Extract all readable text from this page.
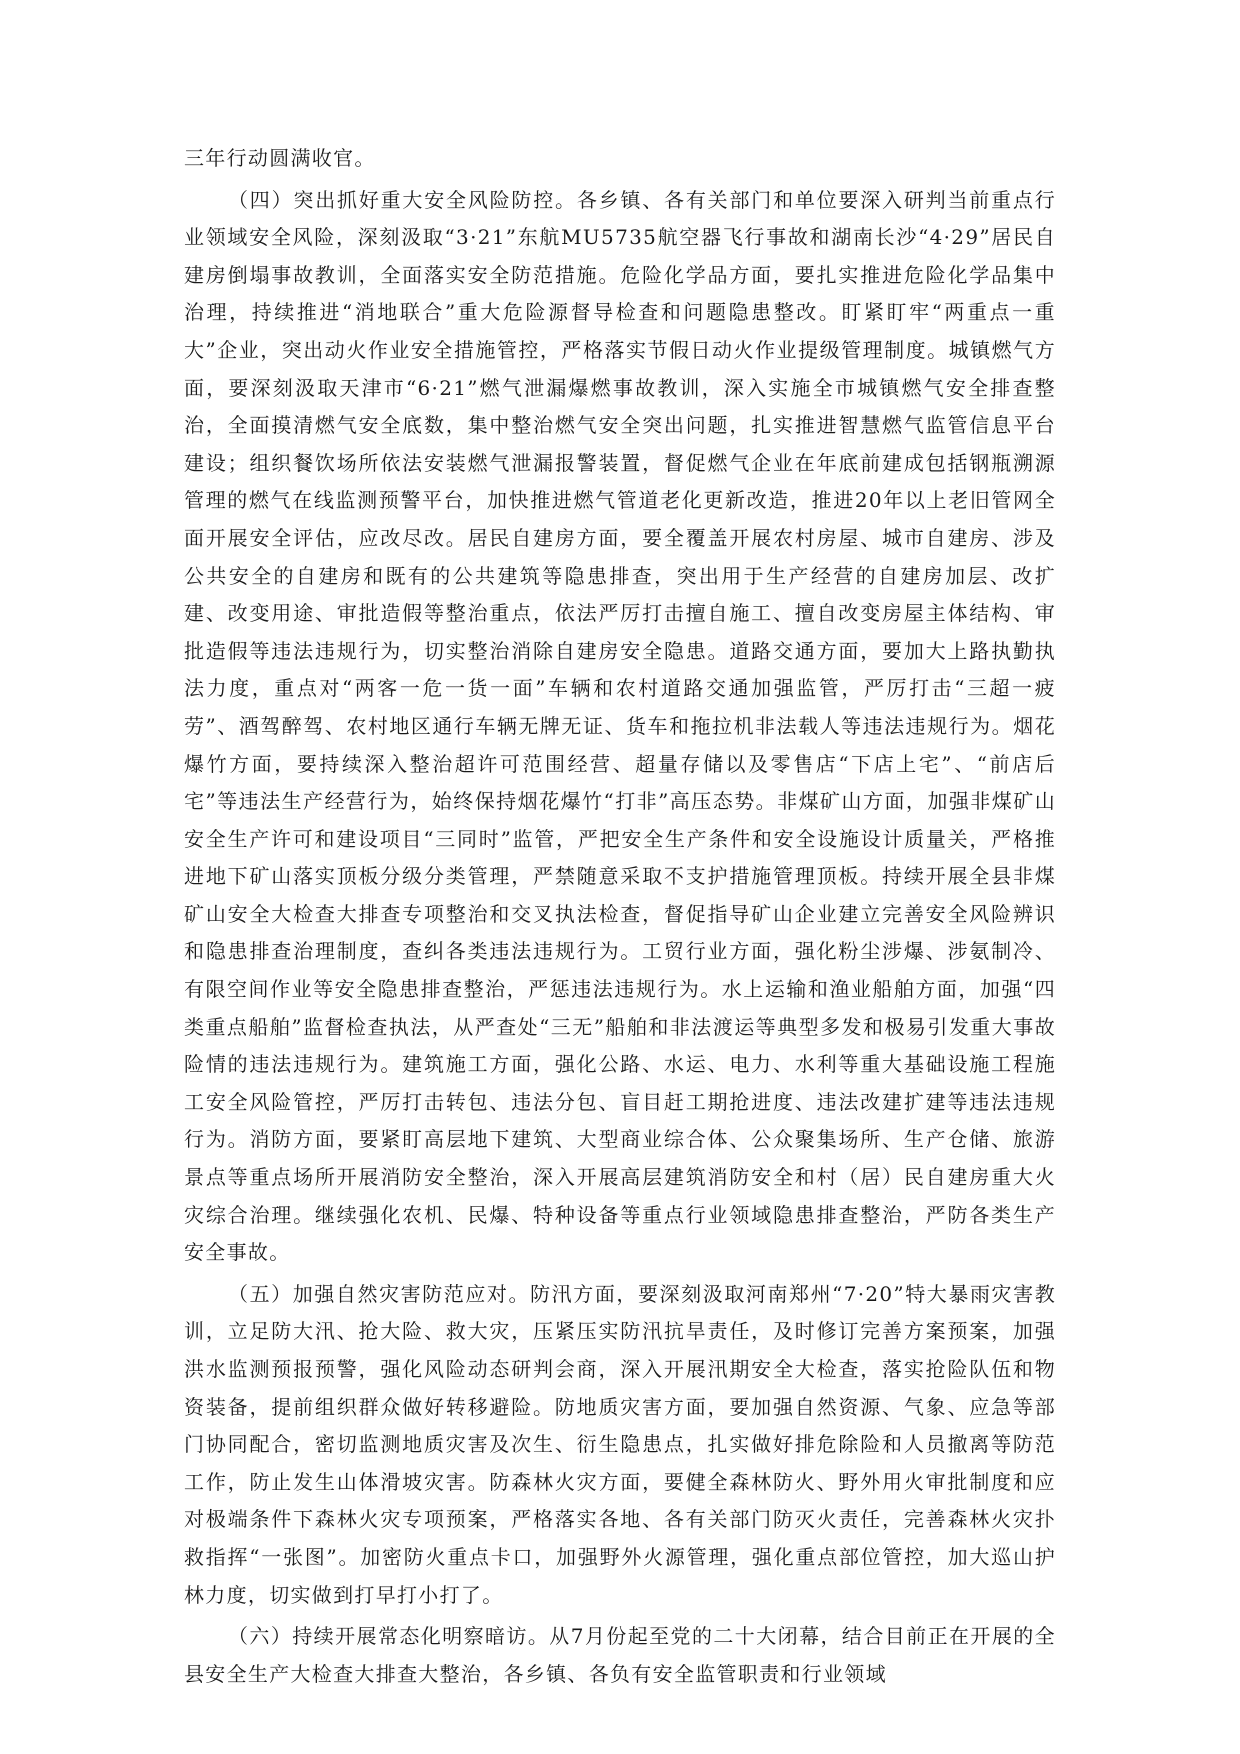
三年行动圆满收官。

（四）突出抓好重大安全风险防控。各乡镇、各有关部门和单位要深入研判当前重点行业领域安全风险，深刻汲取“3·21”东航MU5735航空器飞行事故和湖南长沙“4·29”居民自建房倒塌事故教训，全面落实安全防范措施。危险化学品方面，要扎实推进危险化学品集中治理，持续推进“消地联合”重大危险源督导检查和问题隐患整改。盯紧盯牢“两重点一重大”企业，突出动火作业安全措施管控，严格落实节假日动火作业提级管理制度。城镇燃气方面，要深刻汲取天津市“6·21”燃气泄漏爆燃事故教训，深入实施全市城镇燃气安全排查整治，全面摸清燃气安全底数，集中整治燃气安全突出问题，扎实推进智慧燃气监管信息平台建设；组织餐饮场所依法安装燃气泄漏报警装置，督促燃气企业在年底前建成包括钢瓶溯源管理的燃气在线监测预警平台，加快推进燃气管道老化更新改造，推进20年以上老旧管网全面开展安全评估，应改尽改。居民自建房方面，要全覆盖开展农村房屋、城市自建房、涉及公共安全的自建房和既有的公共建筑等隐患排查，突出用于生产经营的自建房加层、改扩建、改变用途、审批造假等整治重点，依法严厉打击擅自施工、擅自改变房屋主体结构、审批造假等违法违规行为，切实整治消除自建房安全隐患。道路交通方面，要加大上路执勤执法力度，重点对“两客一危一货一面”车辆和农村道路交通加强监管，严厉打击“三超一疲劳”、酒驾醉驾、农村地区通行车辆无牌无证、货车和拖拉机非法载人等违法违规行为。烟花爆竹方面，要持续深入整治超许可范围经营、超量存储以及零售店“下店上宅”、“前店后宅”等违法生产经营行为，始终保持烟花爆竹“打非”高压态势。非煤矿山方面，加强非煤矿山安全生产许可和建设项目“三同时”监管，严把安全生产条件和安全设施设计质量关，严格推进地下矿山落实顶板分级分类管理，严禁随意采取不支护措施管理顶板。持续开展全县非煤矿山安全大检查大排查专项整治和交叉执法检查，督促指导矿山企业建立完善安全风险辨识和隐患排查治理制度，查纠各类违法违规行为。工贸行业方面，强化粉尘涉爆、涉氨制冷、有限空间作业等安全隐患排查整治，严惩违法违规行为。水上运输和渔业船舶方面，加强“四类重点船舶”监督检查执法，从严查处“三无”船舶和非法渡运等典型多发和极易引发重大事故险情的违法违规行为。建筑施工方面，强化公路、水运、电力、水利等重大基础设施工程施工安全风险管控，严厉打击转包、违法分包、盲目赶工期抢进度、违法改建扩建等违法违规行为。消防方面，要紧盯高层地下建筑、大型商业综合体、公众聚集场所、生产仓储、旅游景点等重点场所开展消防安全整治，深入开展高层建筑消防安全和村（居）民自建房重大火灾综合治理。继续强化农机、民爆、特种设备等重点行业领域隐患排查整治，严防各类生产安全事故。

（五）加强自然灾害防范应对。防汛方面，要深刻汲取河南郑州“7·20”特大暴雨灾害教训，立足防大汛、抢大险、救大灾，压紧压实防汛抗旱责任，及时修订完善方案预案，加强洪水监测预报预警，强化风险动态研判会商，深入开展汛期安全大检查，落实抢险队伍和物资装备，提前组织群众做好转移避险。防地质灾害方面，要加强自然资源、气象、应急等部门协同配合，密切监测地质灾害及次生、衍生隐患点，扎实做好排危除险和人员撤离等防范工作，防止发生山体滑坡灾害。防森林火灾方面，要健全森林防火、野外用火审批制度和应对极端条件下森林火灾专项预案，严格落实各地、各有关部门防灭火责任，完善森林火灾扑救指挥“一张图”。加密防火重点卡口，加强野外火源管理，强化重点部位管控，加大巡山护林力度，切实做到打早打小打了。

（六）持续开展常态化明察暗访。从7月份起至党的二十大闭幕，结合目前正在开展的全县安全生产大检查大排查大整治，各乡镇、各负有安全监管职责和行业领域
